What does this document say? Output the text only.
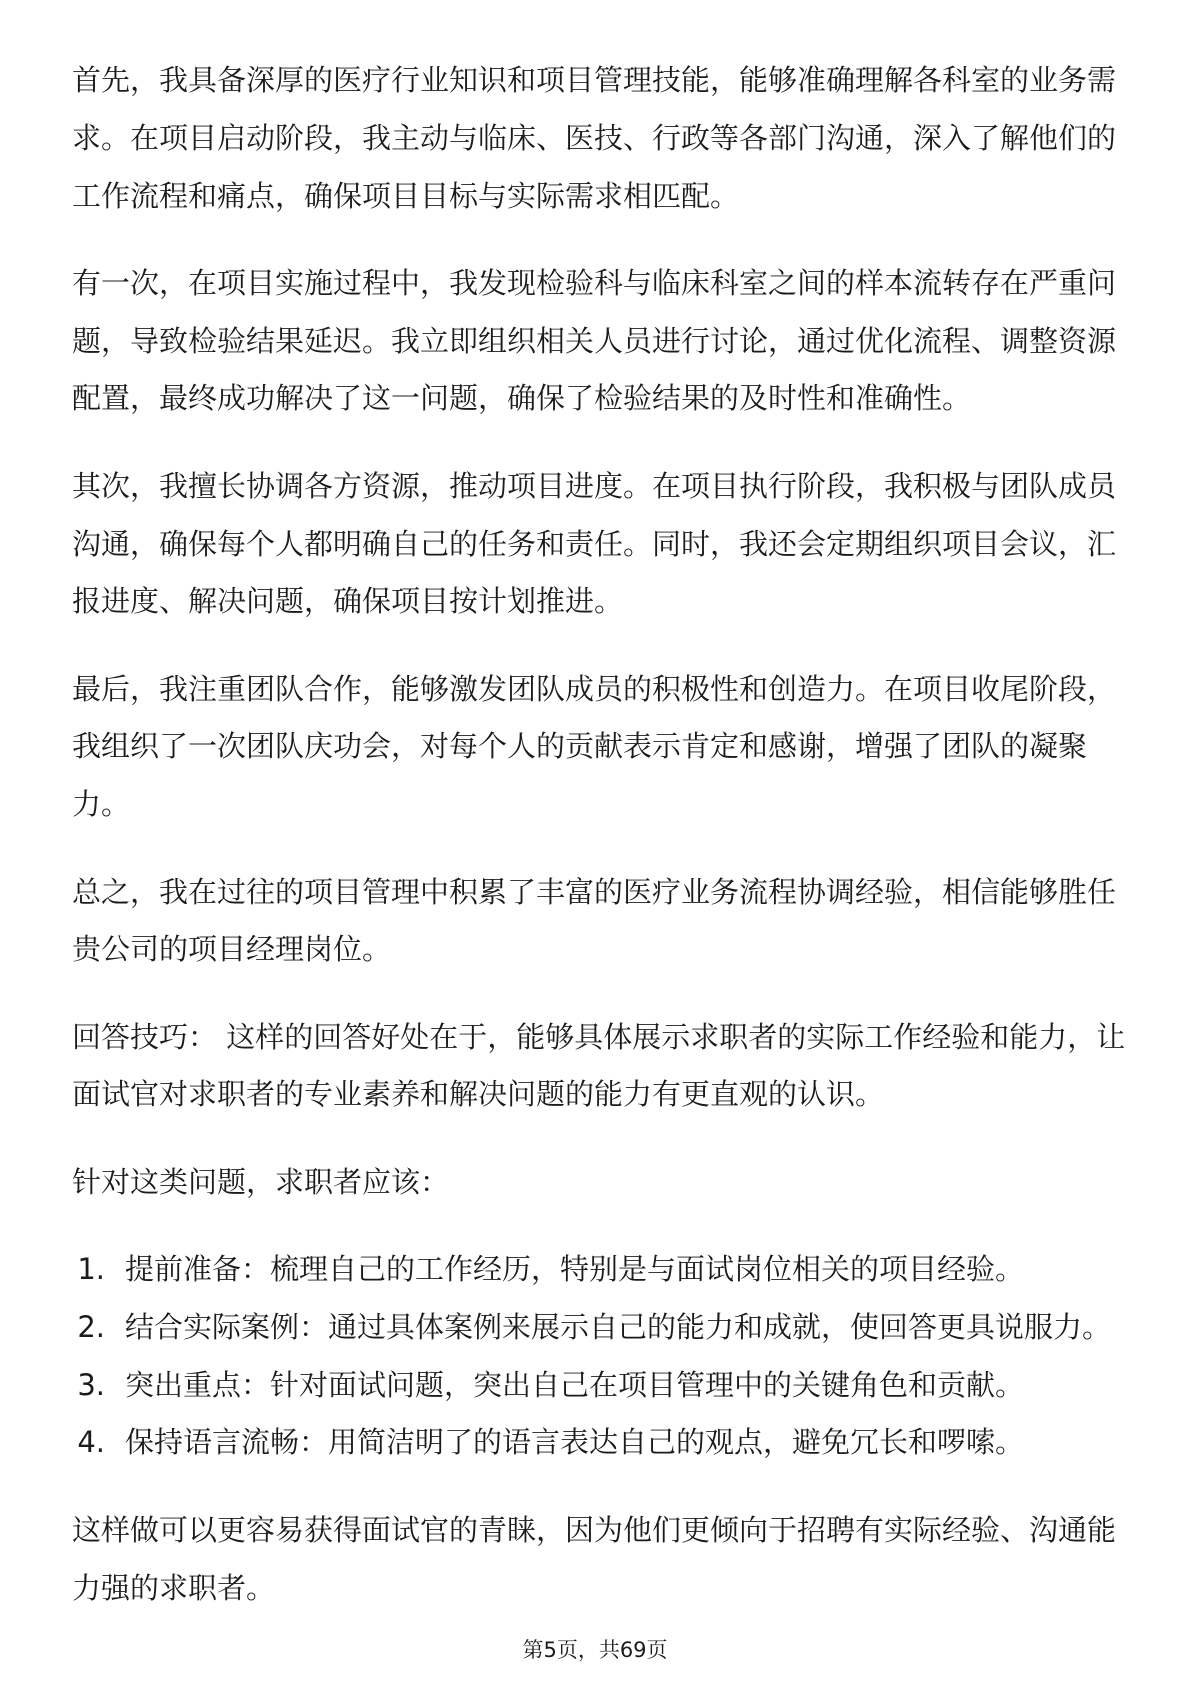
首先，我具备深厚的医疗行业知识和项目管理技能，能够准确理解各科室的业务需
求。在项目启动阶段，我主动与临床、医技、行政等各部门沟通，深入了解他们的
工作流程和痛点，确保项目目标与实际需求相匹配。

有一次，在项目实施过程中，我发现检验科与临床科室之间的样本流转存在严重问
题，导致检验结果延迟。我立即组织相关人员进行讨论，通过优化流程、调整资源
配置，最终成功解决了这一问题，确保了检验结果的及时性和准确性。

其次，我擅长协调各方资源，推动项目进度。在项目执行阶段，我积极与团队成员
沟通，确保每个人都明确自己的任务和责任。同时，我还会定期组织项目会议，汇
报进度、解决问题，确保项目按计划推进。

最后，我注重团队合作，能够激发团队成员的积极性和创造力。在项目收尾阶段，
我组织了一次团队庆功会，对每个人的贡献表示肯定和感谢，增强了团队的凝聚
力。

总之，我在过往的项目管理中积累了丰富的医疗业务流程协调经验，相信能够胜任
贵公司的项目经理岗位。

回答技巧： 这样的回答好处在于，能够具体展示求职者的实际工作经验和能力，让
面试官对求职者的专业素养和解决问题的能力有更直观的认识。

针对这类问题，求职者应该：

1. 提前准备：梳理自己的工作经历，特别是与面试岗位相关的项目经验。
2. 结合实际案例：通过具体案例来展示自己的能力和成就，使回答更具说服力。
3. 突出重点：针对面试问题，突出自己在项目管理中的关键角色和贡献。
4. 保持语言流畅：用简洁明了的语言表达自己的观点，避免冗长和啰嗦。

这样做可以更容易获得面试官的青睐，因为他们更倾向于招聘有实际经验、沟通能
力强的求职者。

第5页，共69页
